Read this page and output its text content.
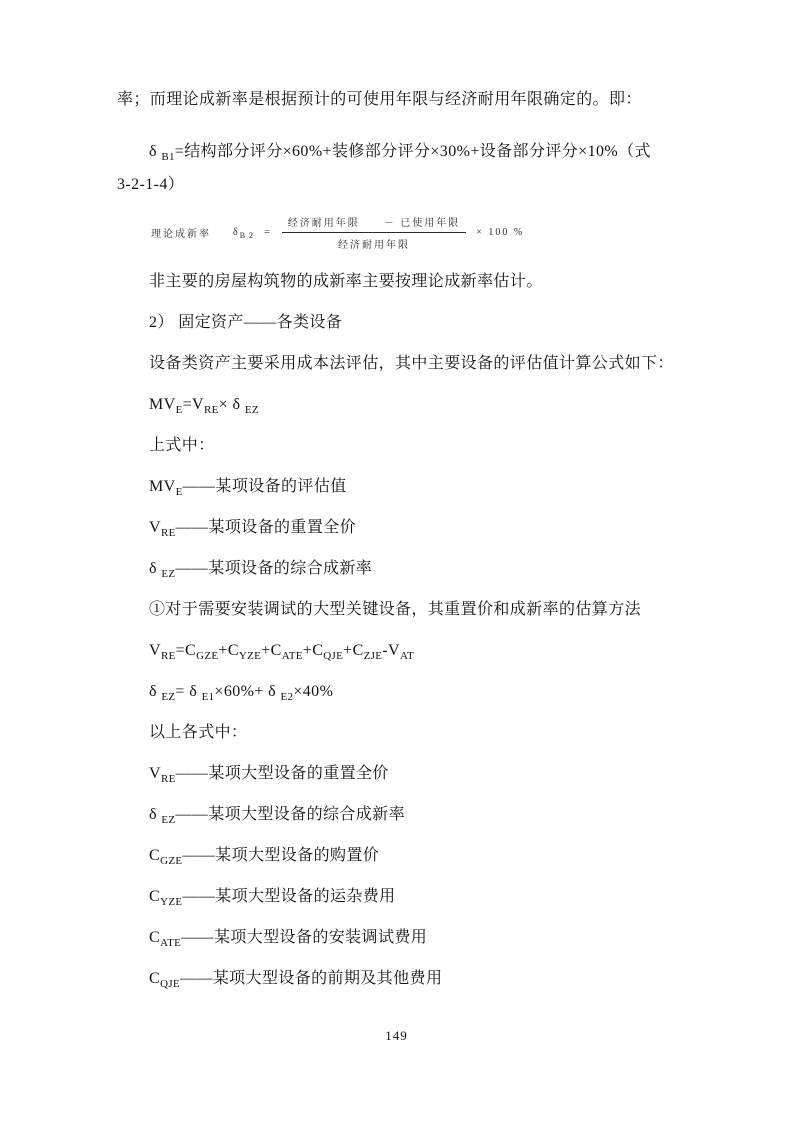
率；而理论成新率是根据预计的可使用年限与经济耐用年限确定的。即：
δ $_{B1}$=结构部分评分×60%+装修部分评分×30%+设备部分评分×10%（式
3-2-1-4）
理论成新率 $\delta_{B 2} = \frac{\text{经济耐用年限　　－ 已使用年限}}{\text{经济耐用年限}} \times 100$ %
非主要的房屋构筑物的成新率主要按理论成新率估计。
2） 固定资产——各类设备
设备类资产主要采用成本法评估，其中主要设备的评估值计算公式如下：
$MV_E=V_{RE}\times \delta$ $_{EZ}$
上式中：
$MV_E——$某项设备的评估值
$V_{RE}——$某项设备的重置全价
δ $_{EZ}$——某项设备的综合成新率
①对于需要安装调试的大型关键设备，其重置价和成新率的估算方法
$V_{RE}=C_{GZE}+C_{YZE}+C_{ATE}+C_{QJE}+C_{ZJE}-V_{AT}$
δ $_{EZ}$= δ $_{E1}$×60%+ δ $_{E2}$×40%
以上各式中：
$V_{RE}——$某项大型设备的重置全价
δ $_{EZ}$——某项大型设备的综合成新率
$C_{GZE}——$某项大型设备的购置价
$C_{YZE}——$某项大型设备的运杂费用
$C_{ATE}——$某项大型设备的安装调试费用
$C_{QJE}——$某项大型设备的前期及其他费用
149
